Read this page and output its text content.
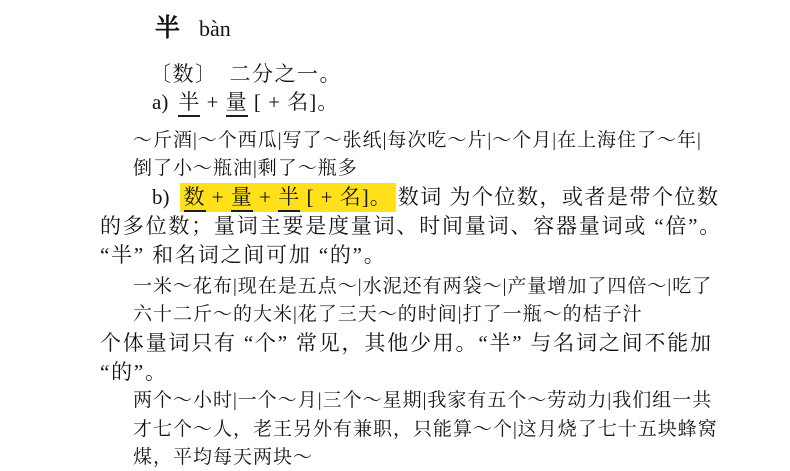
半 bàn
〔数〕 二分之一。
a) 半 + 量 [ + 名]。
～斤酒|～个西瓜|写了～张纸|每次吃～片|～个月|在上海住了～年|
倒了小～瓶油|剩了～瓶多
b) 数 + 量 + 半 [ + 名]。 数词 为个位数，或者是带个位数
的多位数；量词主要是度量词、时间量词、容器量词或 “倍”。
“半” 和名词之间可加 “的”。
一米～花布|现在是五点～|水泥还有两袋～|产量增加了四倍～|吃了
六十二斤～的大米|花了三天～的时间|打了一瓶～的桔子汁
个体量词只有 “个” 常见，其他少用。“半” 与名词之间不能加
“的”。
两个～小时|一个～月|三个～星期|我家有五个～劳动力|我们组一共
才七个～人，老王另外有兼职，只能算～个|这月烧了七十五块蜂窝
煤，平均每天两块～
